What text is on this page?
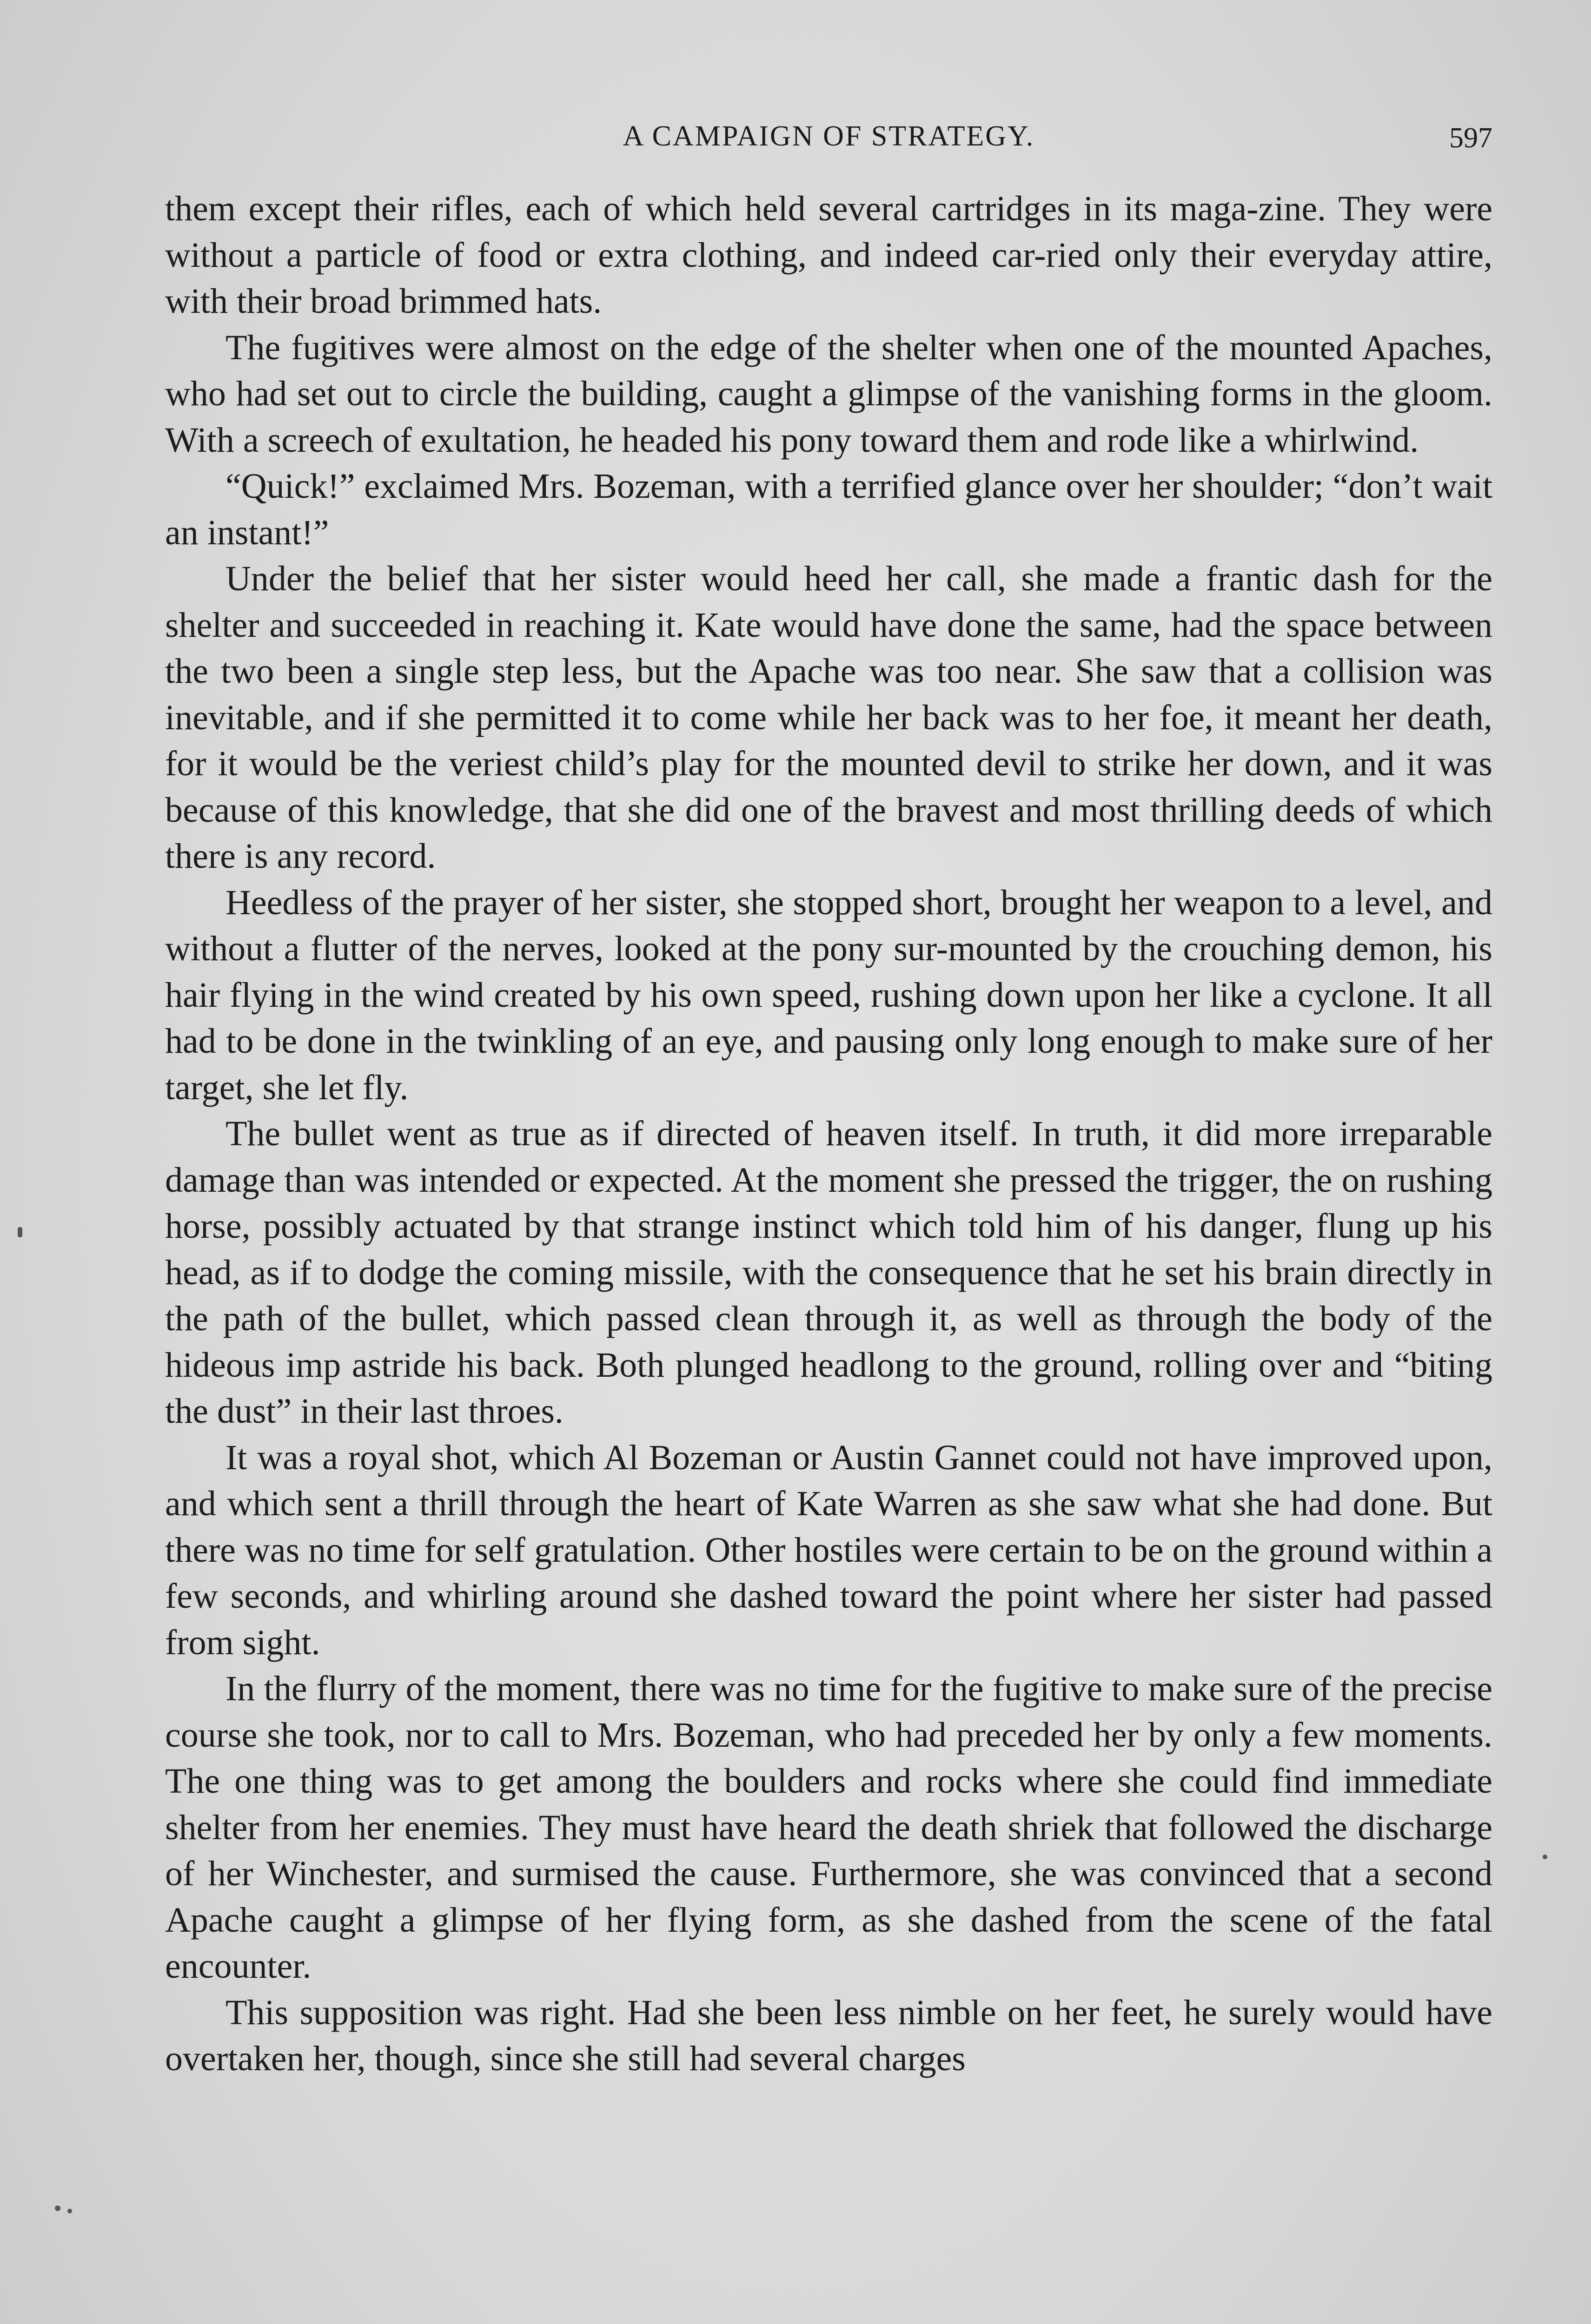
A CAMPAIGN OF STRATEGY.	597

them except their rifles, each of which held several cartridges in its maga-zine. They were without a particle of food or extra clothing, and indeed car-ried only their everyday attire, with their broad brimmed hats.

The fugitives were almost on the edge of the shelter when one of the mounted Apaches, who had set out to circle the building, caught a glimpse of the vanishing forms in the gloom. With a screech of exultation, he headed his pony toward them and rode like a whirlwind.

“Quick!” exclaimed Mrs. Bozeman, with a terrified glance over her shoulder; “don’t wait an instant!”

Under the belief that her sister would heed her call, she made a frantic dash for the shelter and succeeded in reaching it. Kate would have done the same, had the space between the two been a single step less, but the Apache was too near. She saw that a collision was inevitable, and if she permitted it to come while her back was to her foe, it meant her death, for it would be the veriest child’s play for the mounted devil to strike her down, and it was because of this knowledge, that she did one of the bravest and most thrilling deeds of which there is any record.

Heedless of the prayer of her sister, she stopped short, brought her weapon to a level, and without a flutter of the nerves, looked at the pony sur-mounted by the crouching demon, his hair flying in the wind created by his own speed, rushing down upon her like a cyclone. It all had to be done in the twinkling of an eye, and pausing only long enough to make sure of her target, she let fly.

The bullet went as true as if directed of heaven itself. In truth, it did more irreparable damage than was intended or expected. At the moment she pressed the trigger, the on rushing horse, possibly actuated by that strange instinct which told him of his danger, flung up his head, as if to dodge the coming missile, with the consequence that he set his brain directly in the path of the bullet, which passed clean through it, as well as through the body of the hideous imp astride his back. Both plunged headlong to the ground, rolling over and “biting the dust” in their last throes.

It was a royal shot, which Al Bozeman or Austin Gannet could not have improved upon, and which sent a thrill through the heart of Kate Warren as she saw what she had done. But there was no time for self gratulation. Other hostiles were certain to be on the ground within a few seconds, and whirling around she dashed toward the point where her sister had passed from sight.

In the flurry of the moment, there was no time for the fugitive to make sure of the precise course she took, nor to call to Mrs. Bozeman, who had preceded her by only a few moments. The one thing was to get among the boulders and rocks where she could find immediate shelter from her enemies. They must have heard the death shriek that followed the discharge of her Winchester, and surmised the cause. Furthermore, she was convinced that a second Apache caught a glimpse of her flying form, as she dashed from the scene of the fatal encounter.

This supposition was right. Had she been less nimble on her feet, he surely would have overtaken her, though, since she still had several charges
